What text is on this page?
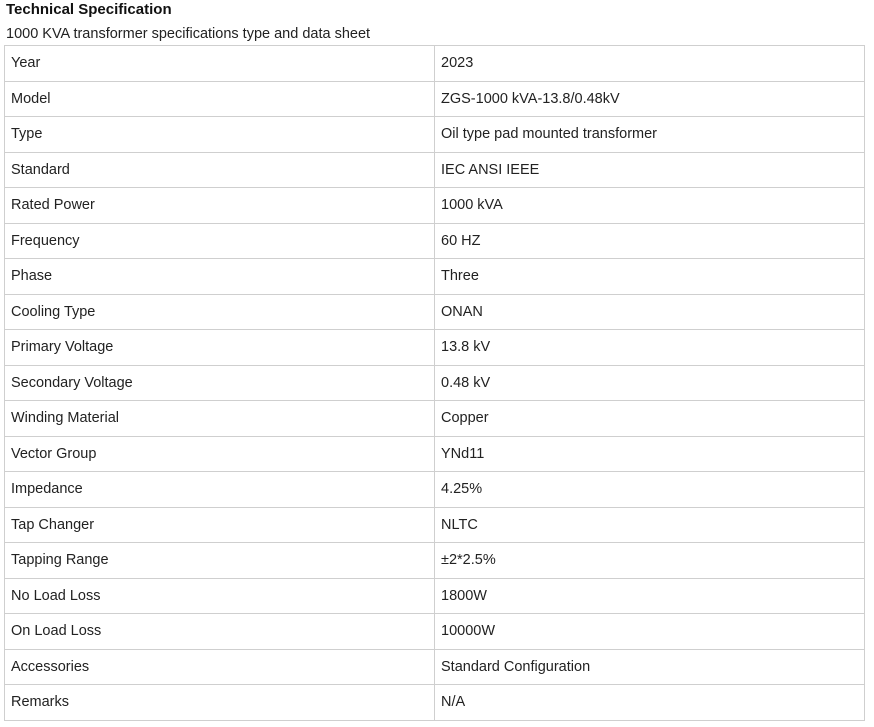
Technical Specification
1000 KVA transformer specifications type and data sheet
Year	2023
Model	ZGS-1000 kVA-13.8/0.48kV
Type	Oil type pad mounted transformer
Standard	IEC ANSI IEEE
Rated Power	1000 kVA
Frequency	60 HZ
Phase	Three
Cooling Type	ONAN
Primary Voltage	13.8 kV
Secondary Voltage	0.48 kV
Winding Material	Copper
Vector Group	YNd11
Impedance	4.25%
Tap Changer	NLTC
Tapping Range	±2*2.5%
No Load Loss	1800W
On Load Loss	10000W
Accessories	Standard Configuration
Remarks	N/A
